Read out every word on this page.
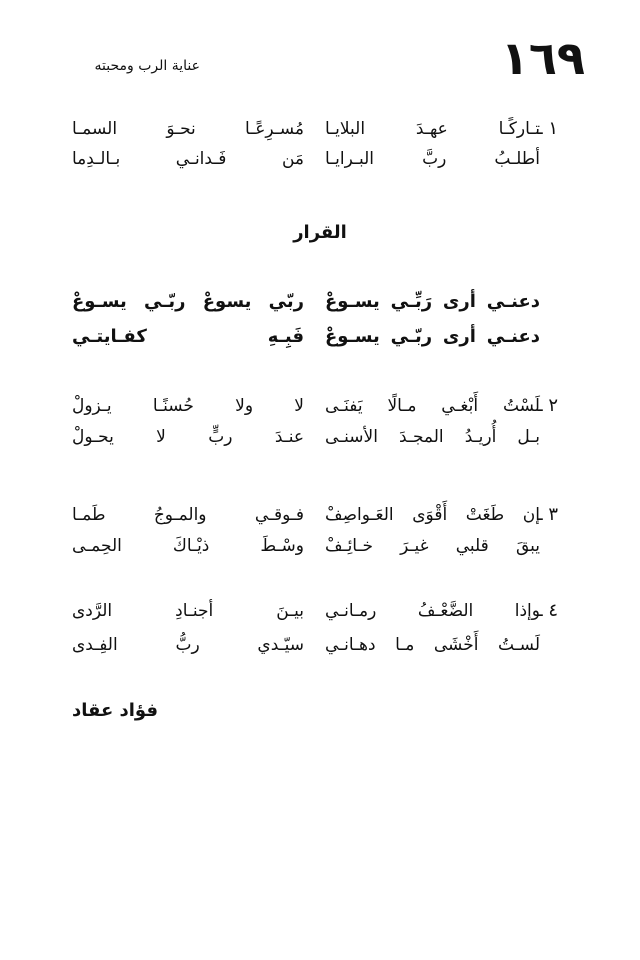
١٦٩
عناية الرب ومحبته
١ ـ
تـاركًـا عهـدَ البلايـا
مُسـرِعًـا نحـوَ السمـا
أطلـبُ ربَّ البـرايـا
مَن فَـدانـي بـالـدِما
القرار
دعنـي أرى رَبِّـي يسـوعْ
ربّي يسوعْ ربّـي يسـوعْ
دعنـي أرى ربّـي يسـوعْ
فَبِـهِ كفـايتـي
٢ ـ
لَسْتُ أَبْغـي مـالًا يَفنَـى
لا ولا حُسنًـا يـزولْ
بـل أُريـدُ المجـدَ الأسنـى
عنـدَ ربٍّ لا يحـولْ
٣ ـ
إن طَغَتْ أَقْوَى العَـواصِفْ
فـوقـي والمـوجُ طَمـا
يبقَ قلبي غيـرَ خـائِـفْ
وسْـطَ ذيْـاكَ الحِمـى
٤ ـ
وإذا الضَّعْـفُ رمـانـي
بيـنَ أجنـادِ الرَّدى
لَسـتُ أَخْشَى مـا دهـانـي
سيّـدي ربُّ الفِـدى
فؤاد عقاد
